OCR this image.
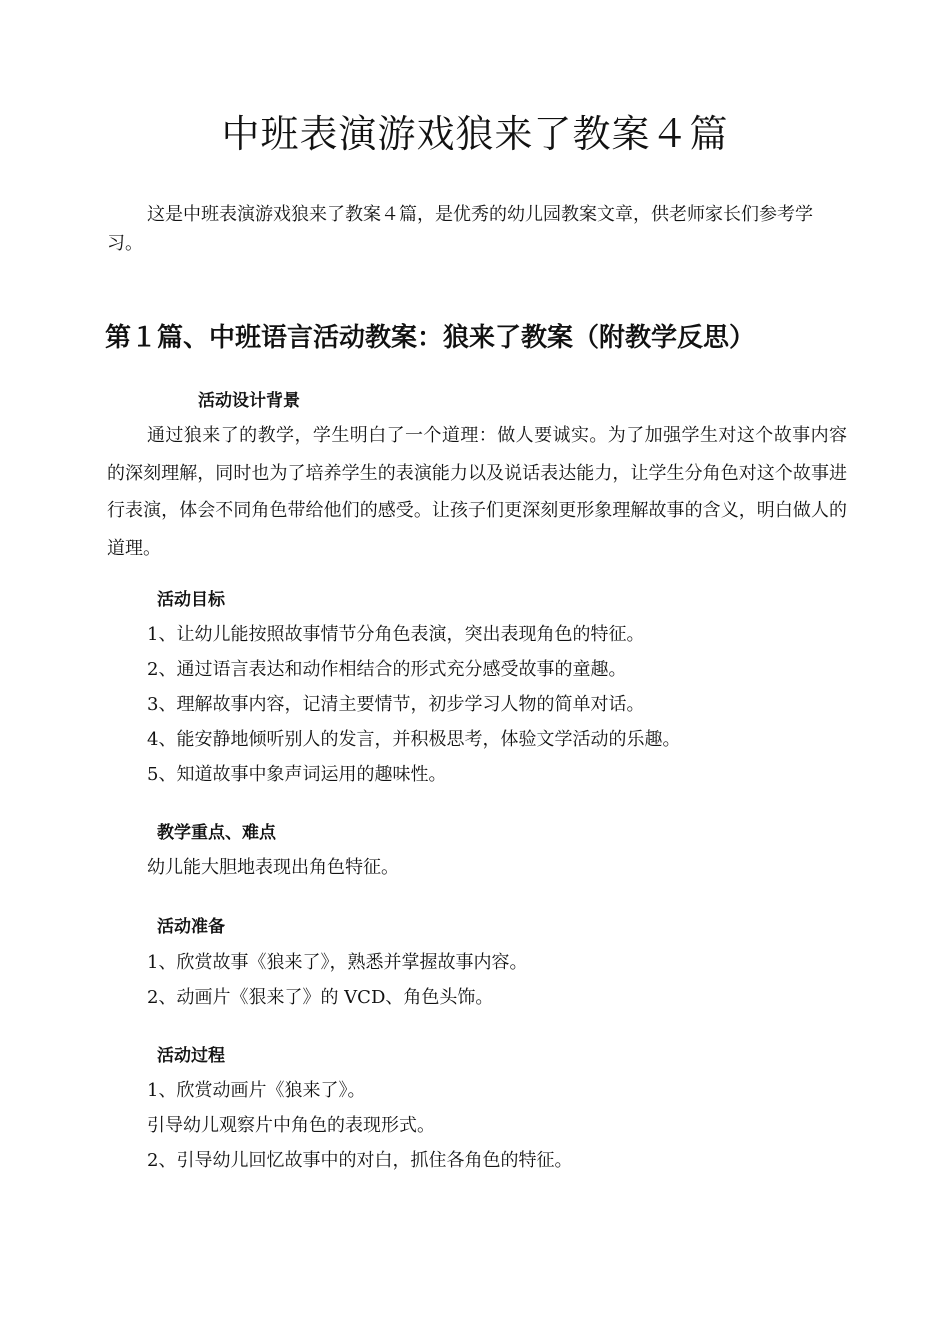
中班表演游戏狼来了教案４篇

这是中班表演游戏狼来了教案４篇，是优秀的幼儿园教案文章，供老师家长们参考学习。

第１篇、中班语言活动教案：狼来了教案（附教学反思）

活动设计背景

通过狼来了的教学，学生明白了一个道理：做人要诚实。为了加强学生对这个故事内容的深刻理解，同时也为了培养学生的表演能力以及说话表达能力，让学生分角色对这个故事进行表演，体会不同角色带给他们的感受。让孩子们更深刻更形象理解故事的含义，明白做人的道理。

活动目标

1、让幼儿能按照故事情节分角色表演，突出表现角色的特征。
2、通过语言表达和动作相结合的形式充分感受故事的童趣。
3、理解故事内容，记清主要情节，初步学习人物的简单对话。
4、能安静地倾听别人的发言，并积极思考，体验文学活动的乐趣。
5、知道故事中象声词运用的趣味性。

教学重点、难点

幼儿能大胆地表现出角色特征。

活动准备

1、欣赏故事《狼来了》，熟悉并掌握故事内容。
2、动画片《狠来了》的 VCD、角色头饰。

活动过程

1、欣赏动画片《狼来了》。
引导幼儿观察片中角色的表现形式。
2、引导幼儿回忆故事中的对白，抓住各角色的特征。
